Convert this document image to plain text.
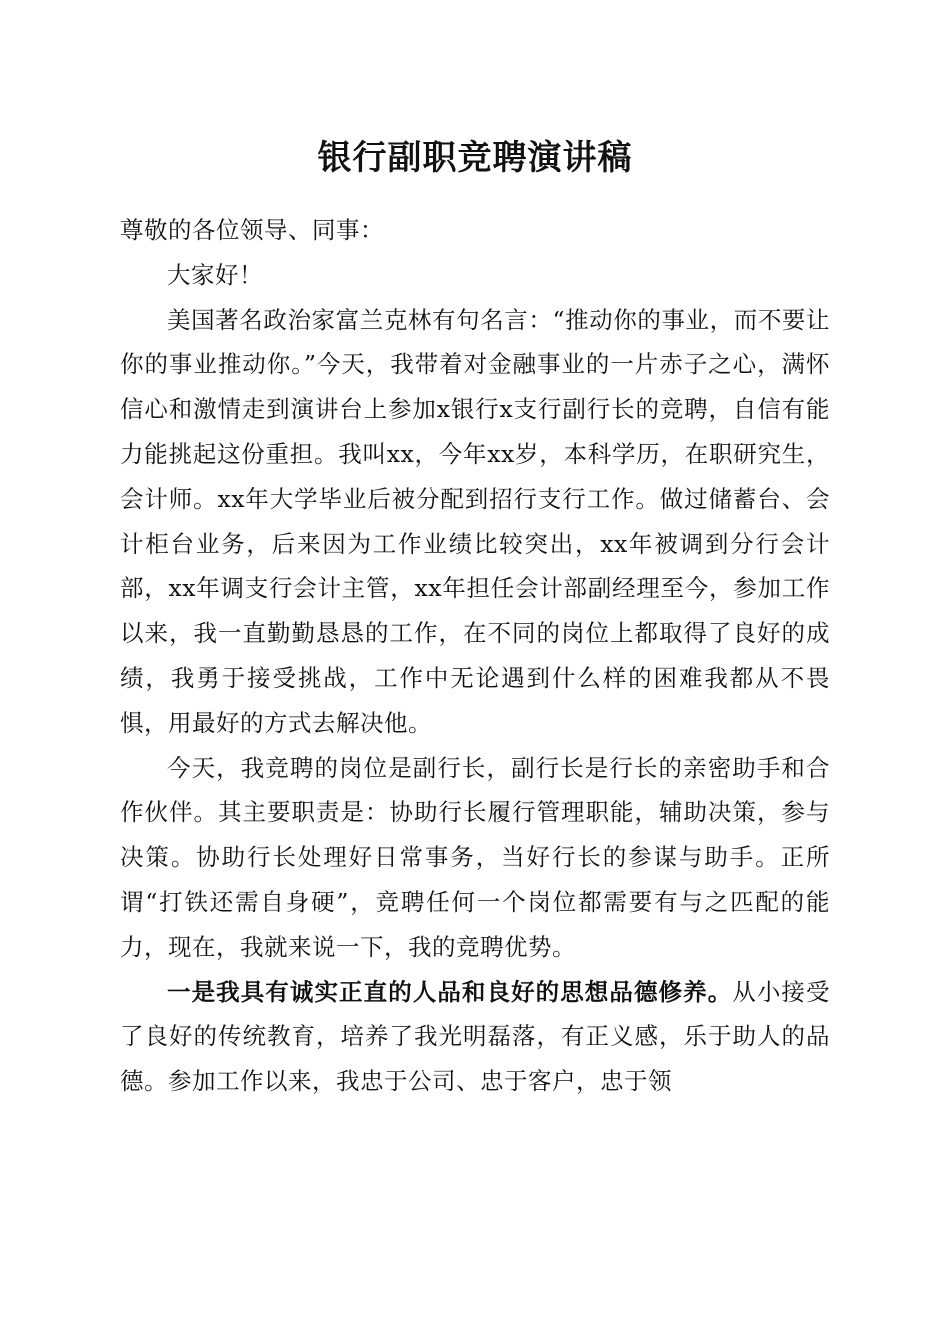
银行副职竞聘演讲稿

尊敬的各位领导、同事：

大家好！

美国著名政治家富兰克林有句名言：“推动你的事业，而不要让你的事业推动你。”今天，我带着对金融事业的一片赤子之心，满怀信心和激情走到演讲台上参加x银行x支行副行长的竞聘，自信有能力能挑起这份重担。我叫xx，今年xx岁，本科学历，在职研究生，会计师。xx年大学毕业后被分配到招行支行工作。做过储蓄台、会计柜台业务，后来因为工作业绩比较突出，xx年被调到分行会计部，xx年调支行会计主管，xx年担任会计部副经理至今，参加工作以来，我一直勤勤恳恳的工作，在不同的岗位上都取得了良好的成绩，我勇于接受挑战，工作中无论遇到什么样的困难我都从不畏惧，用最好的方式去解决他。

今天，我竞聘的岗位是副行长，副行长是行长的亲密助手和合作伙伴。其主要职责是：协助行长履行管理职能，辅助决策，参与决策。协助行长处理好日常事务，当好行长的参谋与助手。正所谓“打铁还需自身硬”，竞聘任何一个岗位都需要有与之匹配的能力，现在，我就来说一下，我的竞聘优势。

一是我具有诚实正直的人品和良好的思想品德修养。从小接受了良好的传统教育，培养了我光明磊落，有正义感，乐于助人的品德。参加工作以来，我忠于公司、忠于客户，忠于领
